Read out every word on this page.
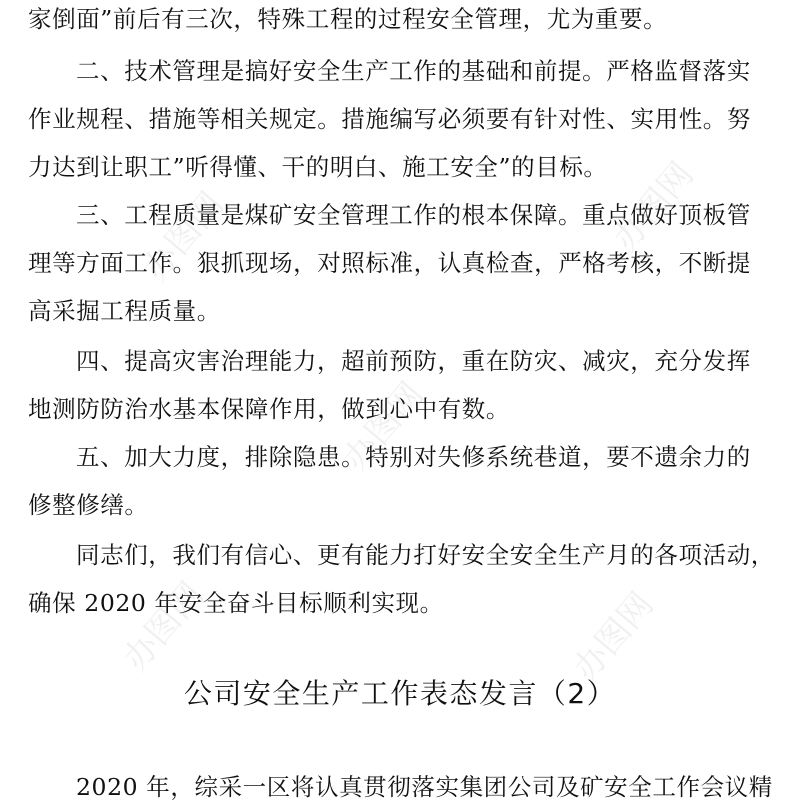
家倒面”前后有三次，特殊工程的过程安全管理，尤为重要。
二、技术管理是搞好安全生产工作的基础和前提。严格监督落实
作业规程、措施等相关规定。措施编写必须要有针对性、实用性。努
力达到让职工”听得懂、干的明白、施工安全”的目标。
三、工程质量是煤矿安全管理工作的根本保障。重点做好顶板管
理等方面工作。狠抓现场，对照标准，认真检查，严格考核，不断提
高采掘工程质量。
四、提高灾害治理能力，超前预防，重在防灾、减灾，充分发挥
地测防防治水基本保障作用，做到心中有数。
五、加大力度，排除隐患。特别对失修系统巷道，要不遗余力的
修整修缮。
同志们，我们有信心、更有能力打好安全安全生产月的各项活动，
确保 2020 年安全奋斗目标顺利实现。
公司安全生产工作表态发言（2）
2020 年，综采一区将认真贯彻落实集团公司及矿安全工作会议精
办图网
办图网
办图网
办图网	办图网
